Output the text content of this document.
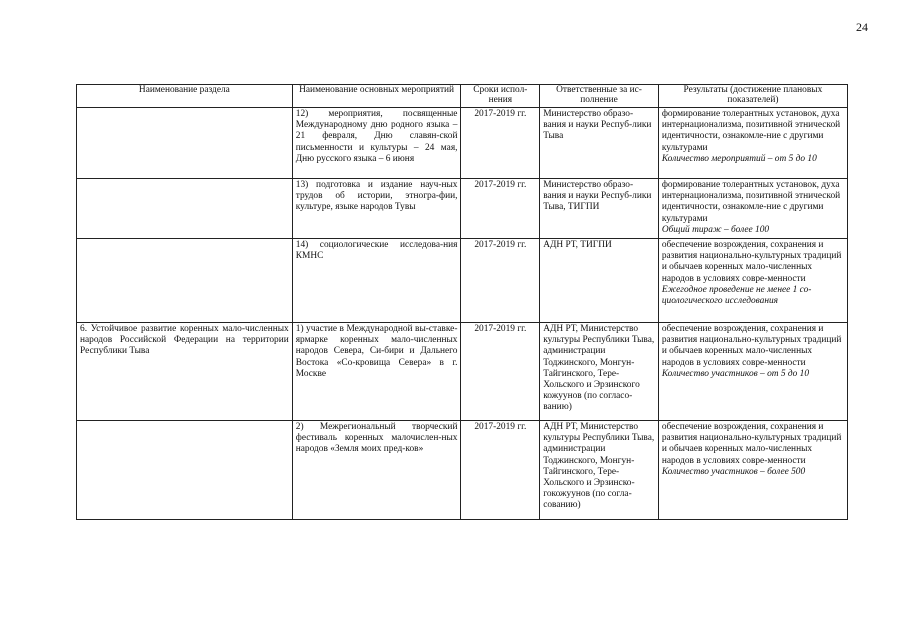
24
Наименование раздела	Наименование основных мероприятий	Сроки испол-нения	Ответственные за ис-полнение	Результаты (достижение плановых показателей)
	12) мероприятия, посвященные Международному дню родного языка – 21 февраля, Дню славян-ской письменности и культуры – 24 мая, Дню русского языка – 6 июня	2017-2019 гг.	Министерство образо-вания и науки Респуб-лики Тыва	формирование толерантных установок, духа интернационализма, позитивной этнической идентичности, ознакомле-ние с другими культурами
Количество мероприятий – от 5 до 10

	13) подготовка и издание науч-ных трудов об истории, этногра-фии, культуре, языке народов Тувы	2017-2019 гг.	Министерство образо-вания и науки Респуб-лики Тыва, ТИГПИ	формирование толерантных установок, духа интернационализма, позитивной этнической идентичности, ознакомле-ние с другими культурами
Общий тираж – более 100

	14) социологические исследова-ния КМНС	2017-2019 гг.	АДН РТ, ТИГПИ	обеспечение возрождения, сохранения и развития национально-культурных традиций и обычаев коренных мало-численных народов в условиях совре-менности
Ежегодное проведение не менее 1 со-циологического исследования

6. Устойчивое развитие коренных мало-численных народов Российской Федерации на территории Республики Тыва	1) участие в Международной вы-ставке-ярмарке коренных мало-численных народов Севера, Си-бири и Дальнего Востока «Со-кровища Севера» в г. Москве	2017-2019 гг.	АДН РТ, Министерство культуры Республики Тыва, администрации Тоджинского, Монгун-Тайгинского, Тере-Хольского и Эрзинского кожуунов (по согласо-ванию)	обеспечение возрождения, сохранения и развития национально-культурных традиций и обычаев коренных мало-численных народов в условиях совре-менности
Количество участников – от 5 до 10

	2) Межрегиональный творческий фестиваль коренных малочислен-ных народов «Земля моих пред-ков»	2017-2019 гг.	АДН РТ, Министерство культуры Республики Тыва, администрации Тоджинского, Монгун-Тайгинского, Тере-Хольского и Эрзинско-гокожуунов (по согла-сованию)	обеспечение возрождения, сохранения и развития национально-культурных традиций и обычаев коренных мало-численных народов в условиях совре-менности
Количество участников – более 500
